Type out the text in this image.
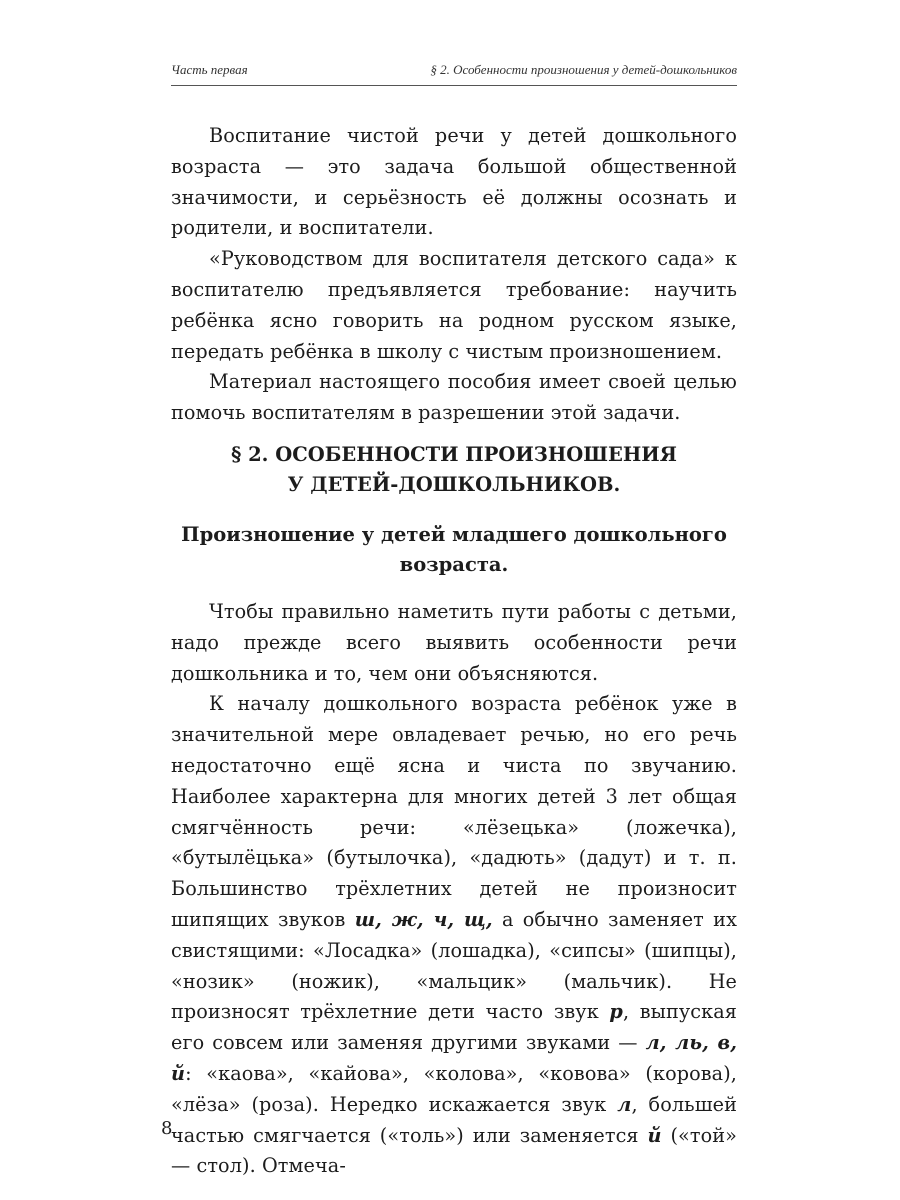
Часть первая	§ 2. Особенности произношения у детей-дошкольников

Воспитание чистой речи у детей дошкольного возраста — это задача большой общественной значимости, и серьёзность её должны осознать и родители, и воспитатели.

«Руководством для воспитателя детского сада» к воспитателю предъявляется требование: научить ребёнка ясно говорить на родном русском языке, передать ребёнка в школу с чистым произношением.

Материал настоящего пособия имеет своей целью помочь воспитателям в разрешении этой задачи.

§ 2. ОСОБЕННОСТИ ПРОИЗНОШЕНИЯ
У ДЕТЕЙ-ДОШКОЛЬНИКОВ.
Произношение у детей младшего дошкольного
возраста.

Чтобы правильно наметить пути работы с детьми, надо прежде всего выявить особенности речи дошкольника и то, чем они объясняются.

К началу дошкольного возраста ребёнок уже в значительной мере овладевает речью, но его речь недостаточно ещё ясна и чиста по звучанию. Наиболее характерна для многих детей 3 лет общая смягчённость речи: «лёзецька» (ложечка), «бутылёцька» (бутылочка), «дадють» (дадут) и т. п. Большинство трёхлетних детей не произносит шипящих звуков ш, ж, ч, щ, а обычно заменяет их свистящими: «Лосадка» (лошадка), «сипсы» (шипцы), «нозик» (ножик), «мальцик» (мальчик). Не произносят трёхлетние дети часто звук р, выпуская его совсем или заменяя другими звуками — л, ль, в, й: «каова», «кайова», «колова», «ковова» (корова), «лёза» (роза). Нередко искажается звук л, большей частью смягчается («толь») или заменяется й («той» — стол). Отмеча-

8
